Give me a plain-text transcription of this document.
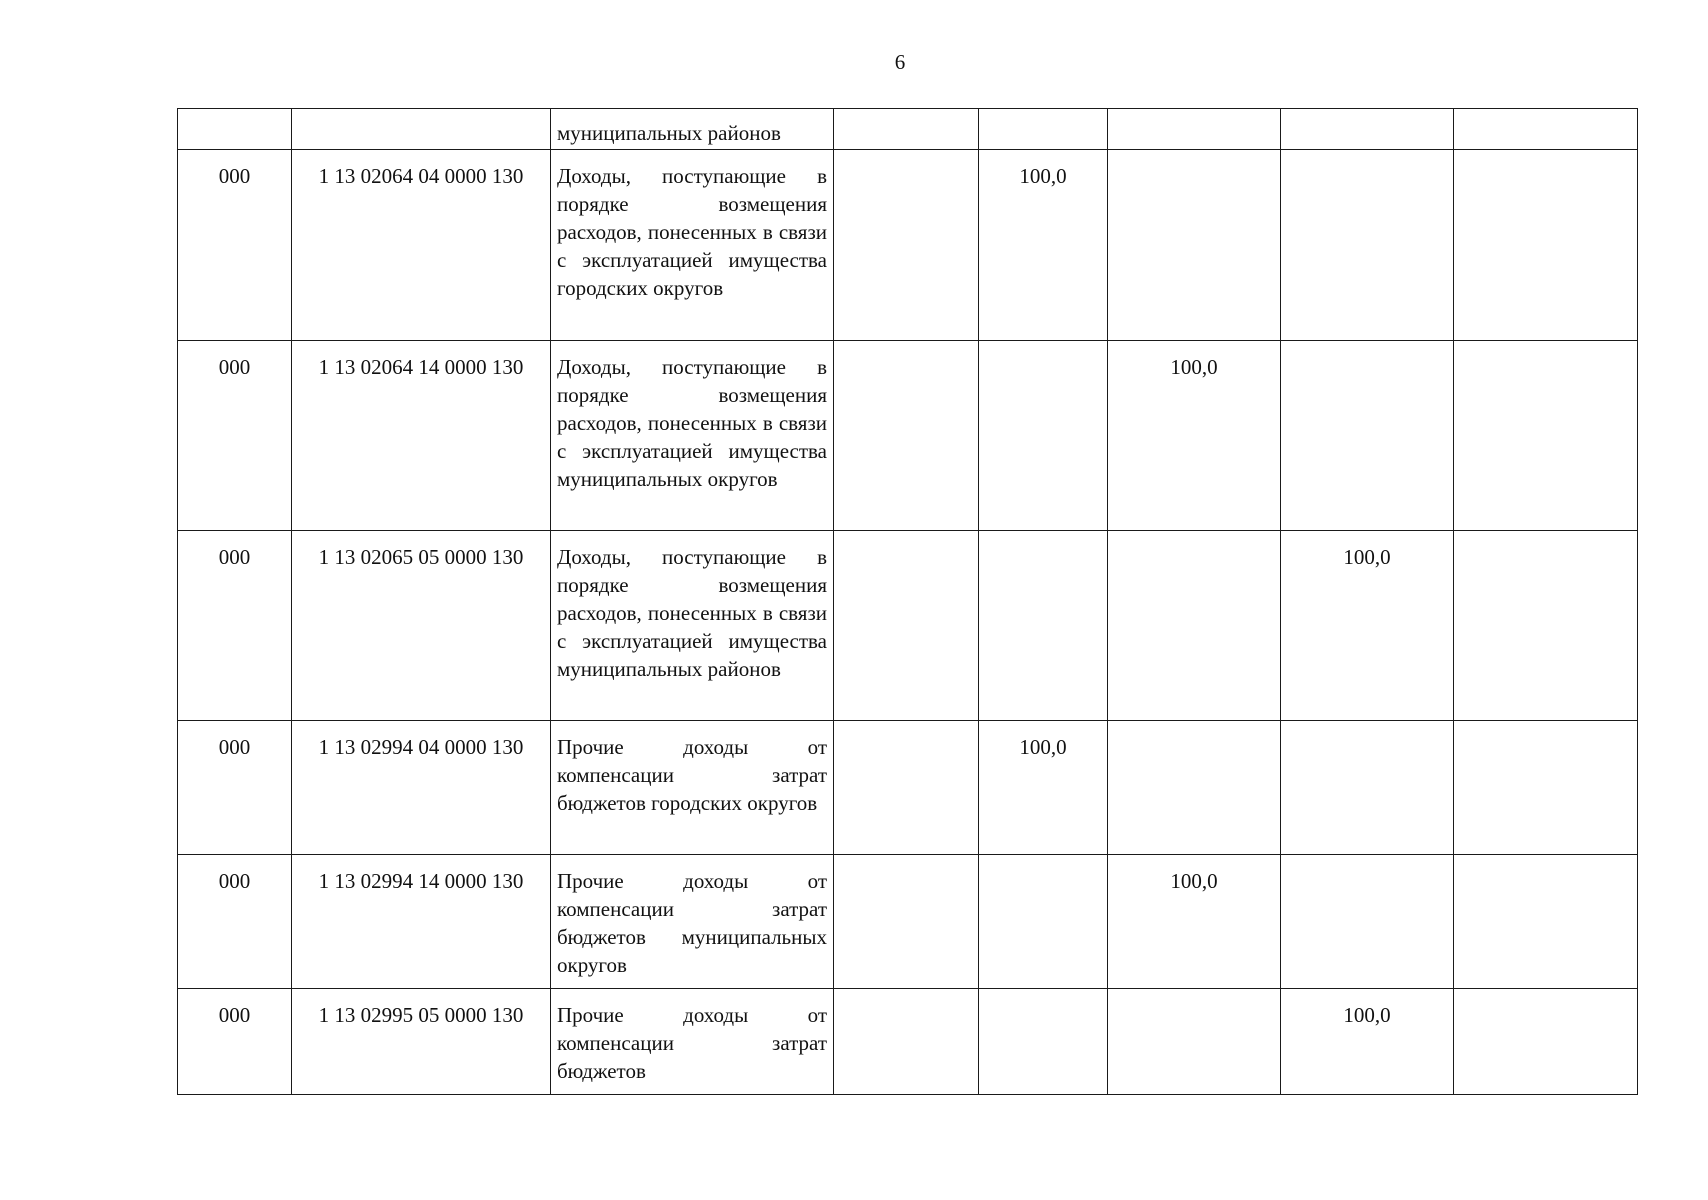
6
		муниципальных районов					
000	1 13 02064 04 0000 130	Доходы, поступающие в порядке возмещения расходов, понесенных в связи с эксплуатацией имущества городских округов		100,0			
000	1 13 02064 14 0000 130	Доходы, поступающие в порядке возмещения расходов, понесенных в связи с эксплуатацией имущества муниципальных округов			100,0		
000	1 13 02065 05 0000 130	Доходы, поступающие в порядке возмещения расходов, понесенных в связи с эксплуатацией имущества муниципальных районов				100,0	
000	1 13 02994 04 0000 130	Прочие доходы от компенсации затрат бюджетов городских округов		100,0			
000	1 13 02994 14 0000 130	Прочие доходы от компенсации затрат бюджетов муниципальных округов			100,0		
000	1 13 02995 05 0000 130	Прочие доходы от компенсации затрат бюджетов				100,0	
